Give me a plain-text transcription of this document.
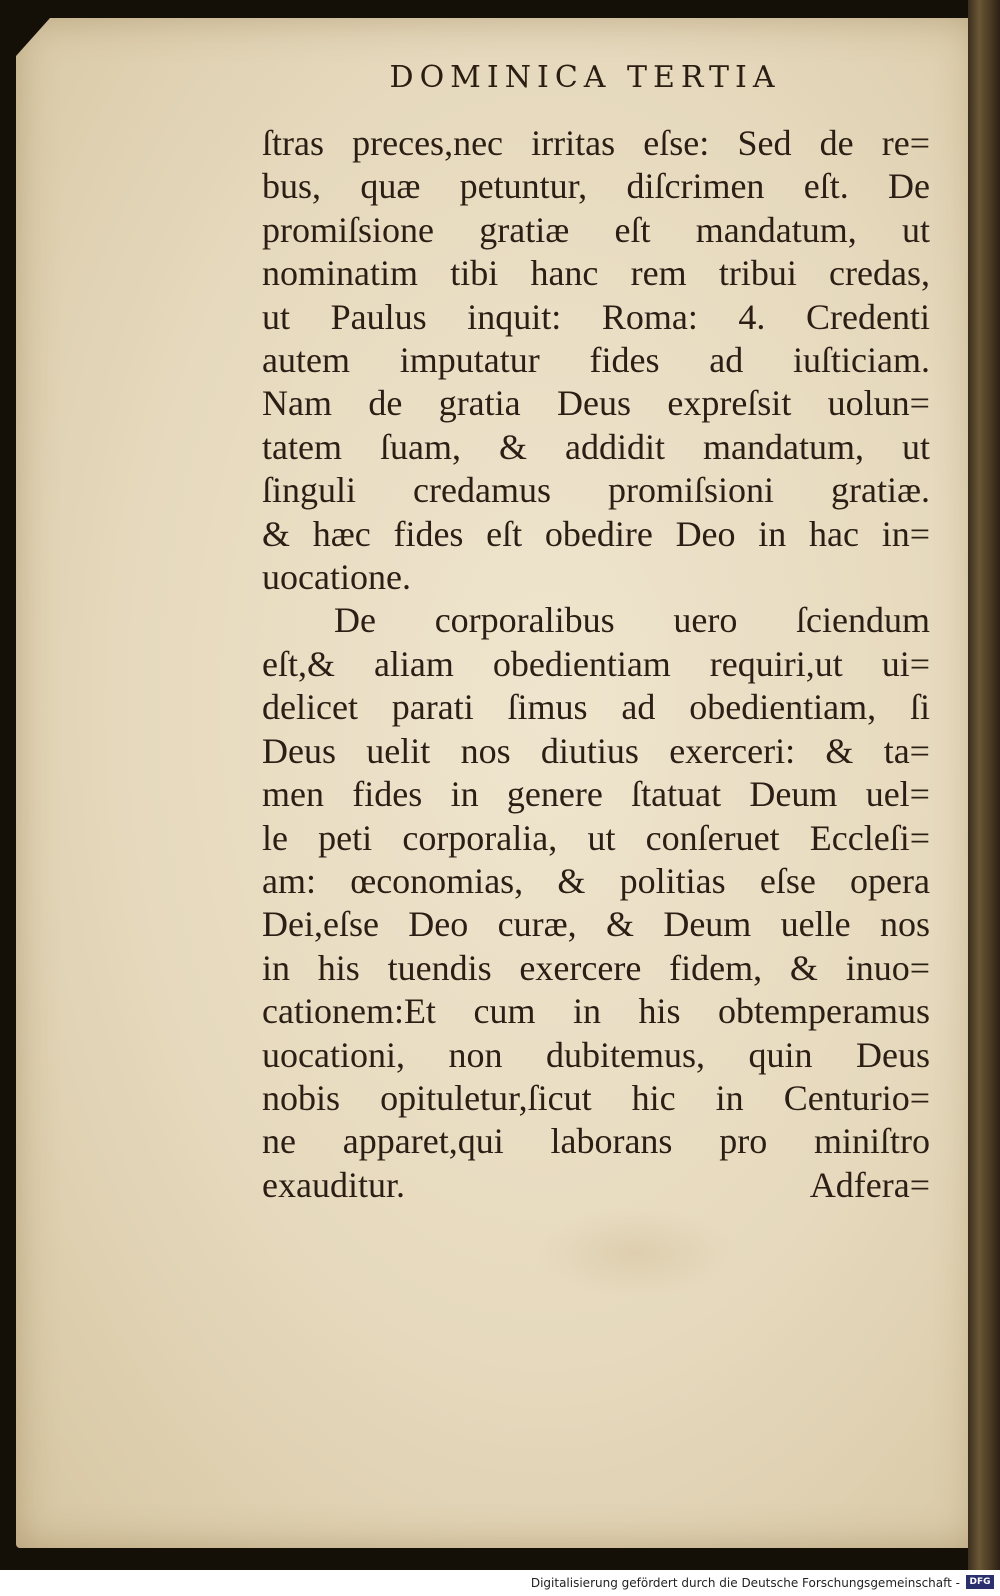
DOMINICA TERTIA
ſtras preces,nec irritas eſse: Sed de re=
bus, quæ petuntur, diſcrimen eſt. De
promiſsione gratiæ eſt mandatum, ut
nominatim tibi hanc rem tribui credas,
ut Paulus inquit: Roma: 4. Credenti
autem imputatur fides ad iuſticiam.
Nam de gratia Deus expreſsit uolun=
tatem ſuam, & addidit mandatum, ut
ſinguli credamus promiſsioni gratiæ.
& hæc fides eſt obedire Deo in hac in=
uocatione.
De corporalibus uero ſciendum
eſt,& aliam obedientiam requiri,ut ui=
delicet parati ſimus ad obedientiam, ſi
Deus uelit nos diutius exerceri: & ta=
men fides in genere ſtatuat Deum uel=
le peti corporalia, ut conſeruet Eccleſi=
am: œconomias, & politias eſse opera
Dei,eſse Deo curæ, & Deum uelle nos
in his tuendis exercere fidem, & inuo=
cationem:Et cum in his obtemperamus
uocationi, non dubitemus, quin Deus
nobis opituletur,ſicut hic in Centurio=
ne apparet,qui laborans pro miniſtro
exauditur.	Adfera=
Digitalisierung gefördert durch die Deutsche Forschungsgemeinschaft -	DFG
